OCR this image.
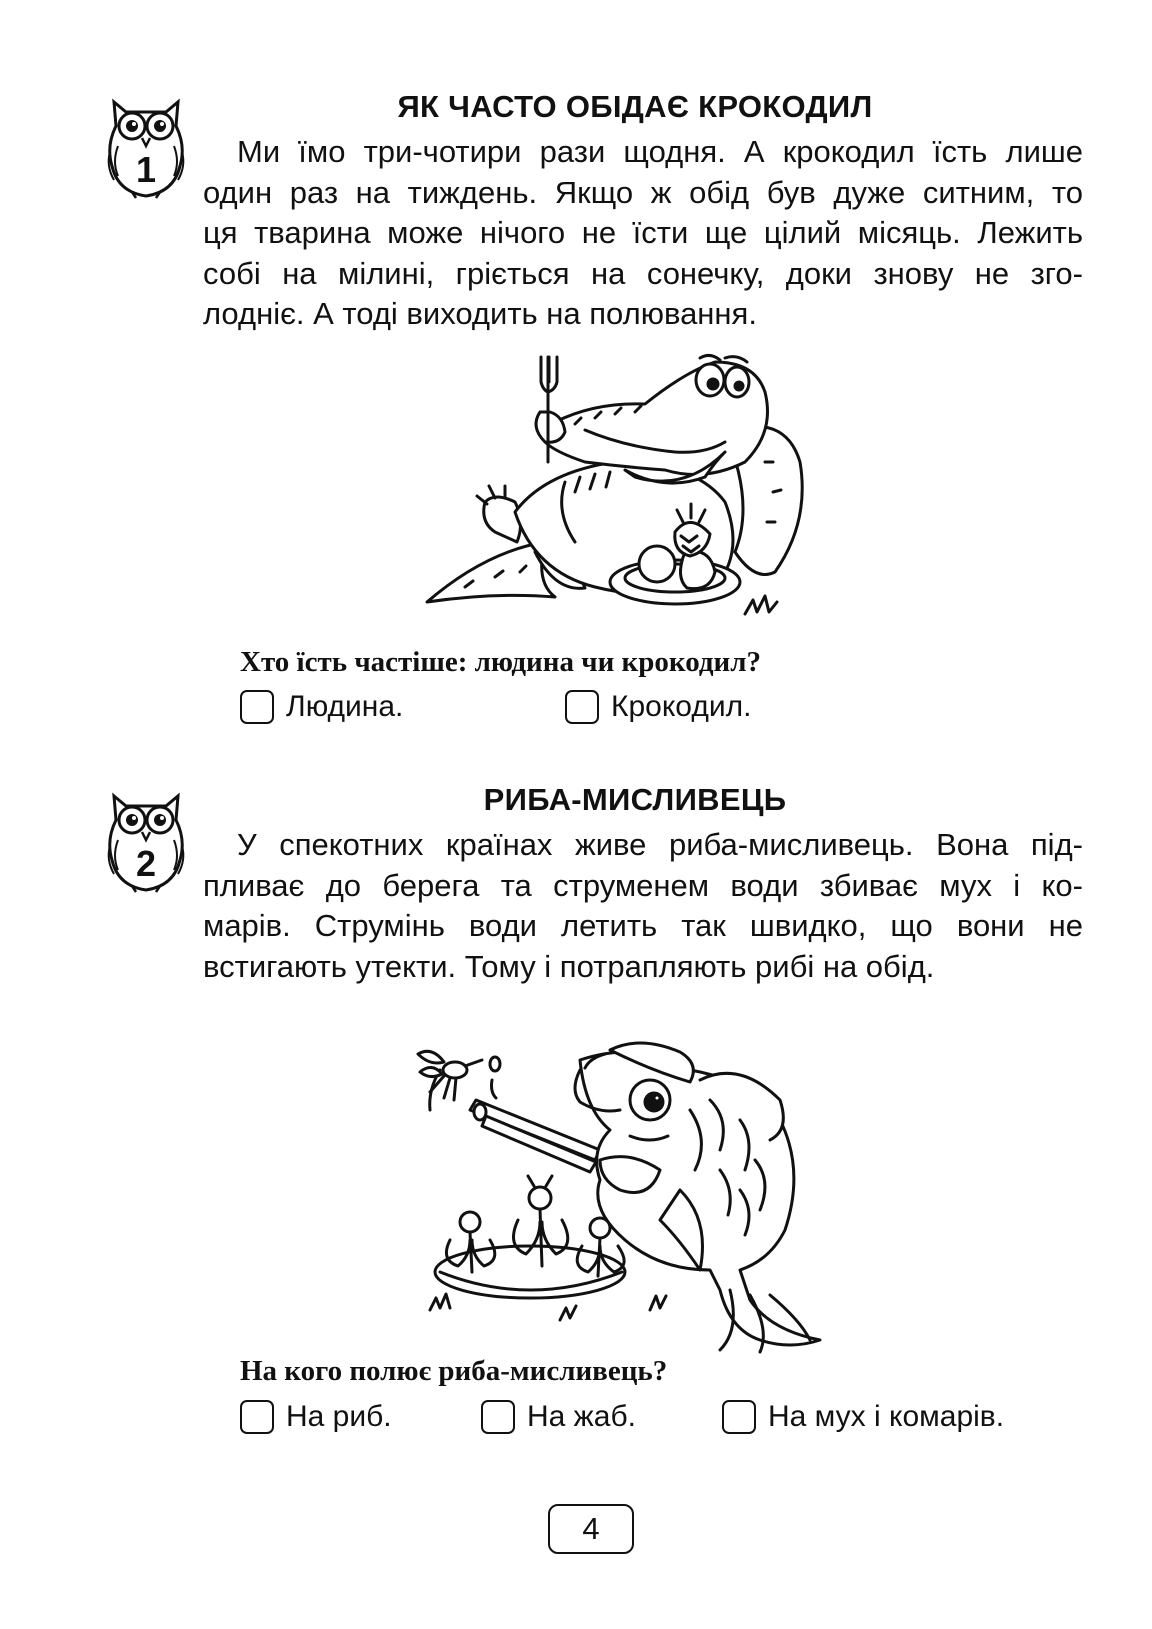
1
ЯК ЧАСТО ОБІДАЄ КРОКОДИЛ

Ми їмо три-чотири рази щодня. А крокодил їсть лише
один раз на тиждень. Якщо ж обід був дуже ситним, то
ця тварина може нічого не їсти ще цілий місяць. Лежить
собі на мілині, гріється на сонечку, доки знову не зго-
лодніє. А тоді виходить на полювання.

Хто їсть частіше: людина чи крокодил?
Людина.	Крокодил.
2
РИБА-МИСЛИВЕЦЬ

У спекотних країнах живе риба-мисливець. Вона під-
пливає до берега та струменем води збиває мух і ко-
марів. Струмінь води летить так швидко, що вони не
встигають утекти. Тому і потрапляють рибі на обід.

На кого полює риба-мисливець?
На риб.	На жаб.	На мух і комарів.
4
